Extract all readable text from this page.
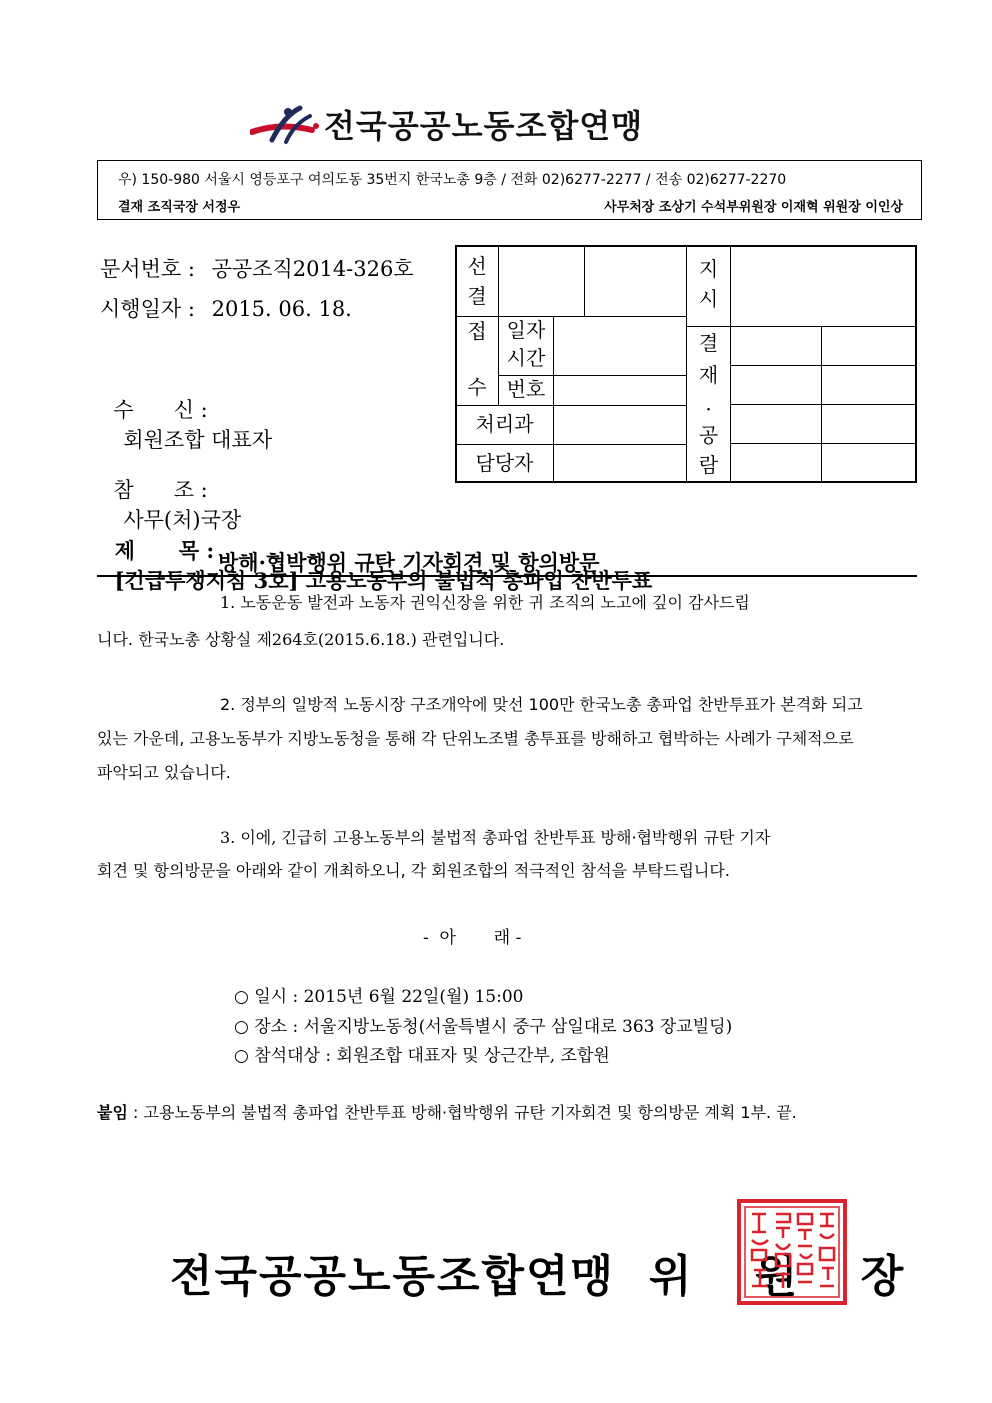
전국공공노동조합연맹
우) 150-980 서울시 영등포구 여의도동 35번지 한국노총 9층 / 전화 02)6277-2277 / 전송 02)6277-2270
결재 조직국장 서정우	사무처장 조상기 수석부위원장 이재혁 위원장 이인상
문서번호 : 공공조직2014-326호
시행일자 : 2015. 06. 18.

수      신 :
회원조합 대표자

참      조 :
사무(처)국장

선
결
접
수
일자
시간
번호
처리과
담당자
지
시
결
재
·
공
람

제      목 :
[긴급투쟁지침 3호] 고용노동부의 불법적 총파업 찬반투표

방해·협박행위 규탄 기자회견 및 항의방문
1. 노동운동 발전과 노동자 권익신장을 위한 귀 조직의 노고에 깊이 감사드립
니다. 한국노총 상황실 제264호(2015.6.18.) 관련입니다.
2. 정부의 일방적 노동시장 구조개악에 맞선 100만 한국노총 총파업 찬반투표가 본격화 되고
있는 가운데, 고용노동부가 지방노동청을 통해 각 단위노조별 총투표를 방해하고 협박하는 사례가 구체적으로
파악되고 있습니다.
3. 이에, 긴급히 고용노동부의 불법적 총파업 찬반투표 방해·협박행위 규탄 기자
회견 및 항의방문을 아래와 같이 개최하오니, 각 회원조합의 적극적인 참석을 부탁드립니다.
-  아       래 -
○ 일시 : 2015년 6월 22일(월) 15:00
○ 장소 : 서울지방노동청(서울특별시 중구 삼일대로 363 장교빌딩)
○ 참석대상 : 회원조합 대표자 및 상근간부, 조합원
붙임 : 고용노동부의 불법적 총파업 찬반투표 방해·협박행위 규탄 기자회견 및 항의방문 계획 1부. 끝.
전국공공노동조합연맹 위 원 장
